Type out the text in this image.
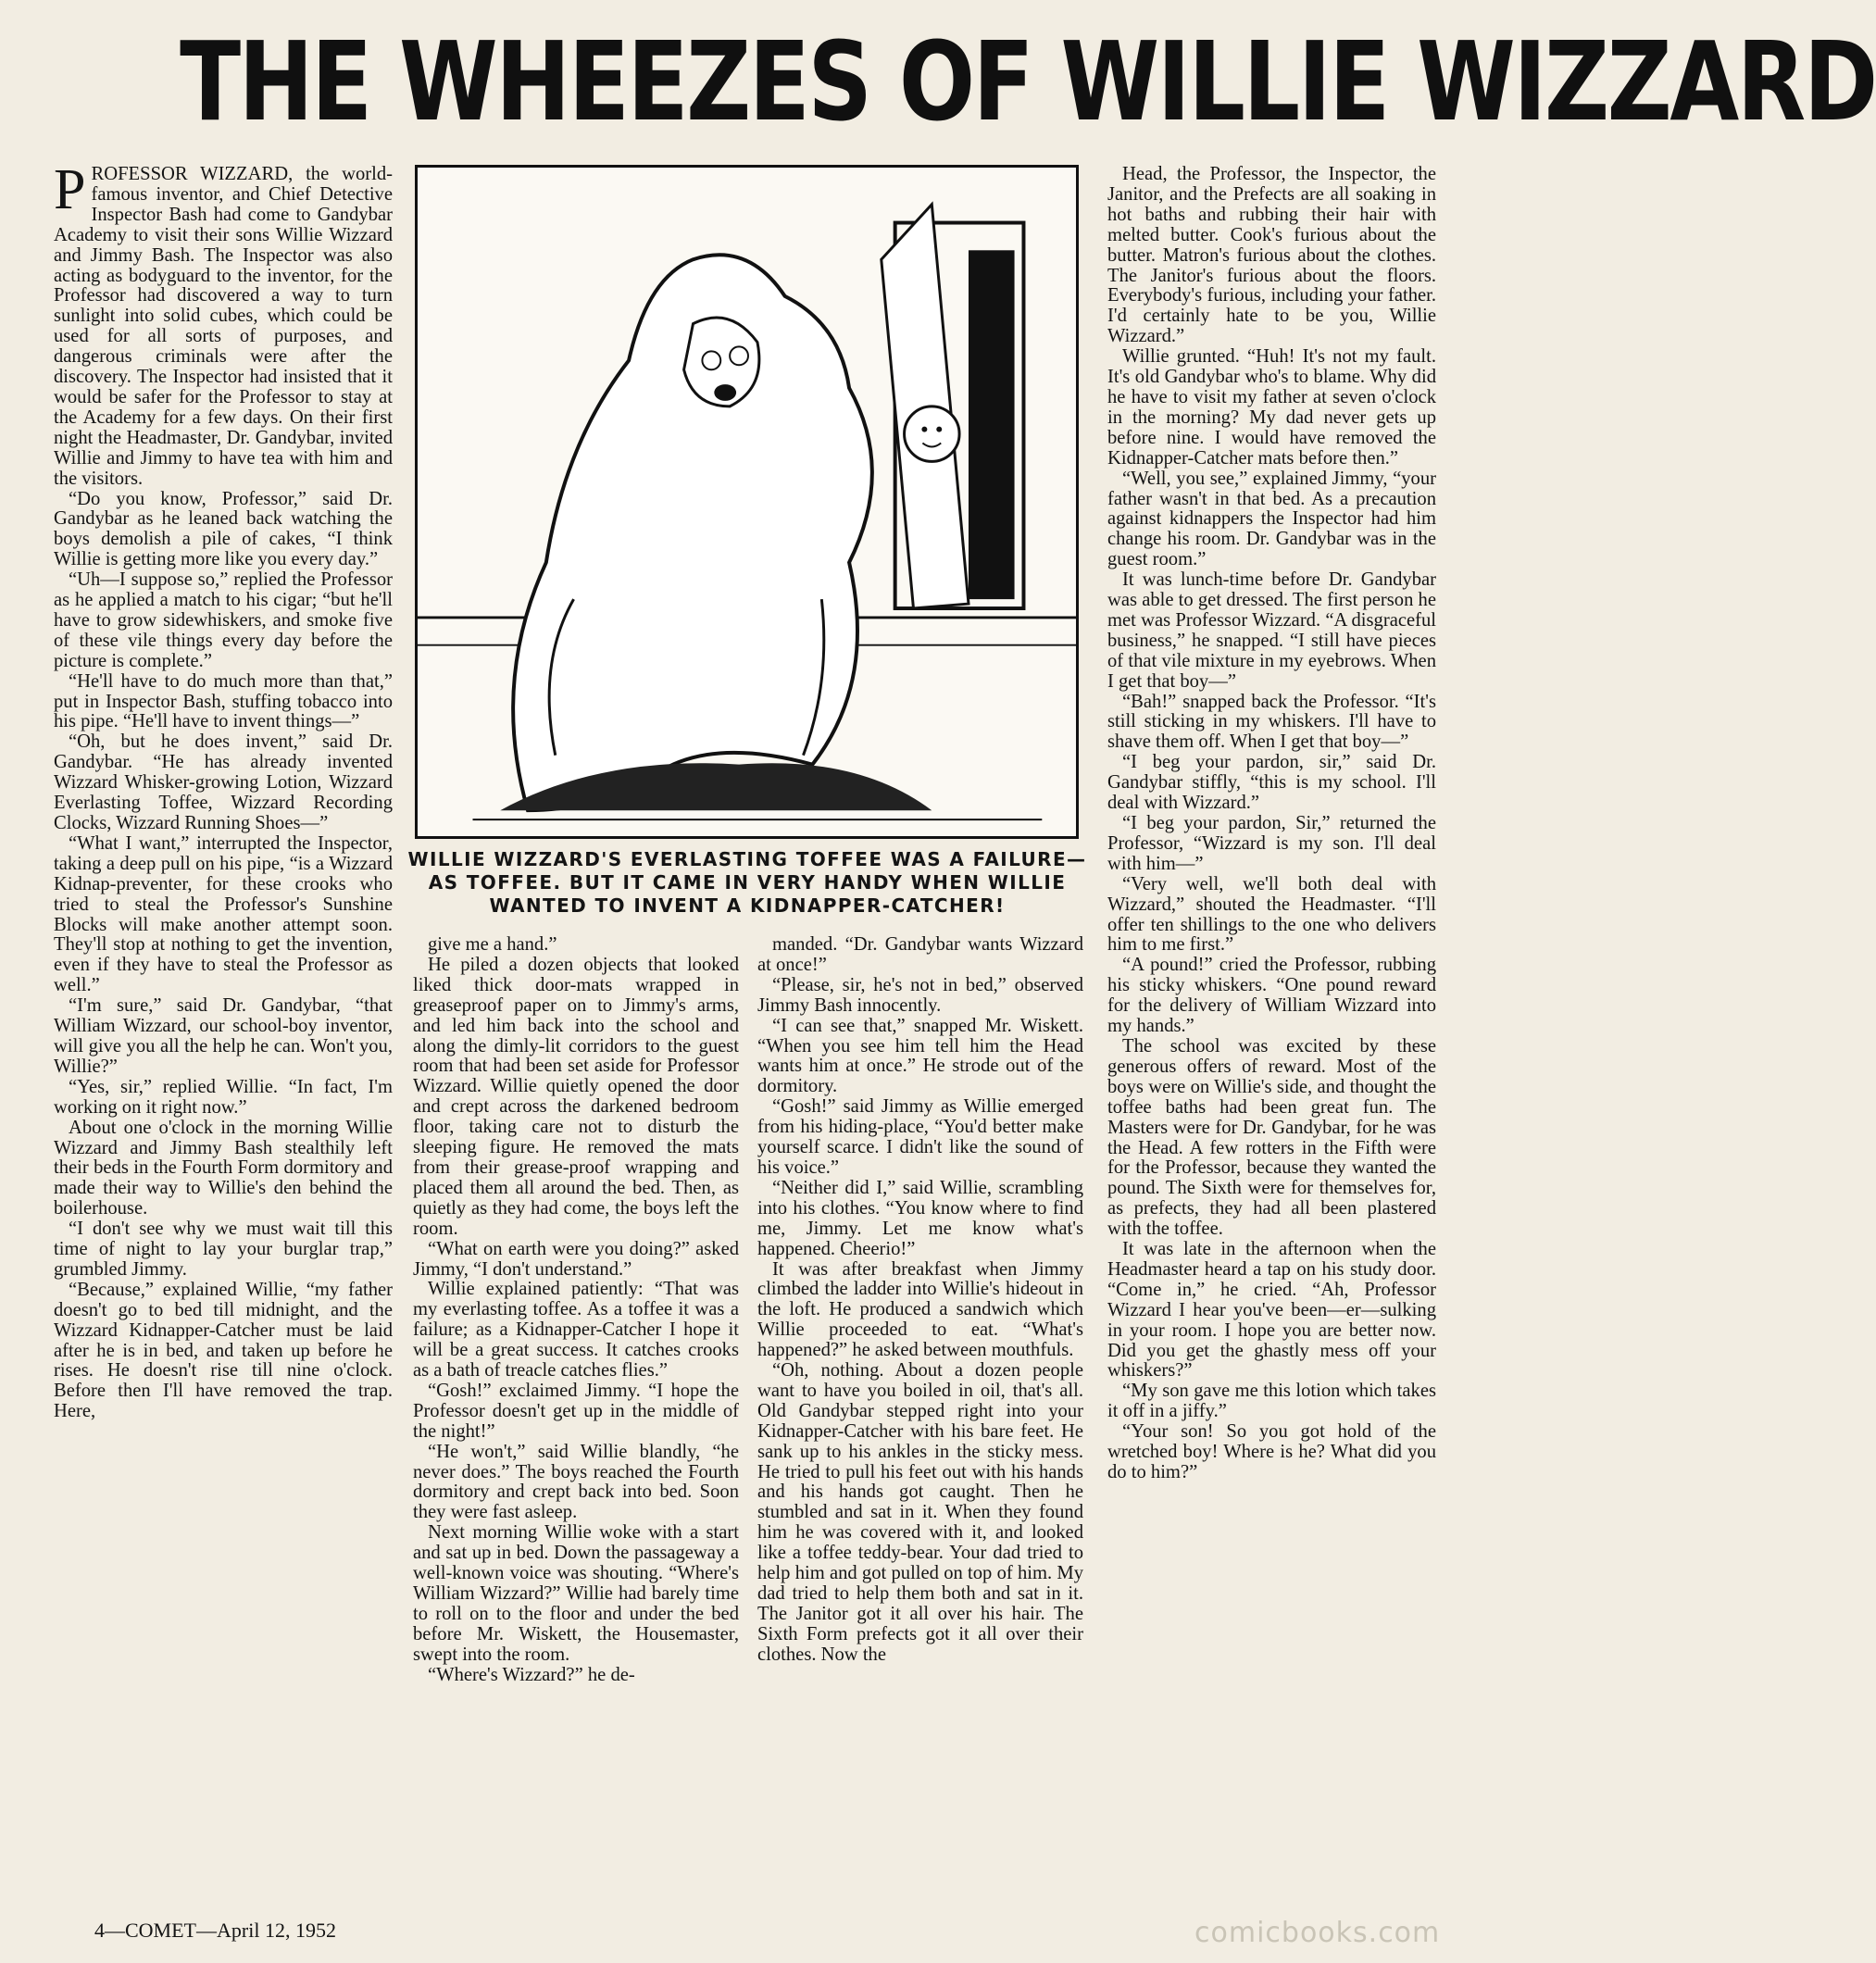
THE WHEEZES OF WILLIE WIZZARD

PROFESSOR WIZZARD, the world-famous inventor, and Chief Detective Inspector Bash had come to Gandybar Academy to visit their sons Willie Wizzard and Jimmy Bash. The Inspector was also acting as bodyguard to the inventor, for the Professor had discovered a way to turn sunlight into solid cubes, which could be used for all sorts of purposes, and dangerous criminals were after the discovery. The Inspector had insisted that it would be safer for the Professor to stay at the Academy for a few days. On their first night the Headmaster, Dr. Gandybar, invited Willie and Jimmy to have tea with him and the visitors.

“Do you know, Professor,” said Dr. Gandybar as he leaned back watching the boys demolish a pile of cakes, “I think Willie is getting more like you every day.”

“Uh—I suppose so,” replied the Professor as he applied a match to his cigar; “but he'll have to grow sidewhiskers, and smoke five of these vile things every day before the picture is complete.”

“He'll have to do much more than that,” put in Inspector Bash, stuffing tobacco into his pipe. “He'll have to invent things—”

“Oh, but he does invent,” said Dr. Gandybar. “He has already invented Wizzard Whisker-growing Lotion, Wizzard Everlasting Toffee, Wizzard Recording Clocks, Wizzard Running Shoes—”

“What I want,” interrupted the Inspector, taking a deep pull on his pipe, “is a Wizzard Kidnap-preventer, for these crooks who tried to steal the Professor's Sunshine Blocks will make another attempt soon. They'll stop at nothing to get the invention, even if they have to steal the Professor as well.”

“I'm sure,” said Dr. Gandybar, “that William Wizzard, our school-boy inventor, will give you all the help he can. Won't you, Willie?”

“Yes, sir,” replied Willie. “In fact, I'm working on it right now.”

About one o'clock in the morning Willie Wizzard and Jimmy Bash stealthily left their beds in the Fourth Form dormitory and made their way to Willie's den behind the boilerhouse.

“I don't see why we must wait till this time of night to lay your burglar trap,” grumbled Jimmy.

“Because,” explained Willie, “my father doesn't go to bed till midnight, and the Wizzard Kidnapper-Catcher must be laid after he is in bed, and taken up before he rises. He doesn't rise till nine o'clock. Before then I'll have removed the trap. Here,

give me a hand.”

He piled a dozen objects that looked liked thick door-mats wrapped in greaseproof paper on to Jimmy's arms, and led him back into the school and along the dimly-lit corridors to the guest room that had been set aside for Professor Wizzard. Willie quietly opened the door and crept across the darkened bedroom floor, taking care not to disturb the sleeping figure. He removed the mats from their grease-proof wrapping and placed them all around the bed. Then, as quietly as they had come, the boys left the room.

“What on earth were you doing?” asked Jimmy, “I don't understand.”

Willie explained patiently: “That was my everlasting toffee. As a toffee it was a failure; as a Kidnapper-Catcher I hope it will be a great success. It catches crooks as a bath of treacle catches flies.”

“Gosh!” exclaimed Jimmy. “I hope the Professor doesn't get up in the middle of the night!”

“He won't,” said Willie blandly, “he never does.” The boys reached the Fourth dormitory and crept back into bed. Soon they were fast asleep.

Next morning Willie woke with a start and sat up in bed. Down the passageway a well-known voice was shouting. “Where's William Wizzard?” Willie had barely time to roll on to the floor and under the bed before Mr. Wiskett, the Housemaster, swept into the room.

“Where's Wizzard?” he de-

manded. “Dr. Gandybar wants Wizzard at once!”

“Please, sir, he's not in bed,” observed Jimmy Bash innocently.

“I can see that,” snapped Mr. Wiskett. “When you see him tell him the Head wants him at once.” He strode out of the dormitory.

“Gosh!” said Jimmy as Willie emerged from his hiding-place, “You'd better make yourself scarce. I didn't like the sound of his voice.”

“Neither did I,” said Willie, scrambling into his clothes. “You know where to find me, Jimmy. Let me know what's happened. Cheerio!”

It was after breakfast when Jimmy climbed the ladder into Willie's hideout in the loft. He produced a sandwich which Willie proceeded to eat. “What's happened?” he asked between mouthfuls.

“Oh, nothing. About a dozen people want to have you boiled in oil, that's all. Old Gandybar stepped right into your Kidnapper-Catcher with his bare feet. He sank up to his ankles in the sticky mess. He tried to pull his feet out with his hands and his hands got caught. Then he stumbled and sat in it. When they found him he was covered with it, and looked like a toffee teddy-bear. Your dad tried to help him and got pulled on top of him. My dad tried to help them both and sat in it. The Janitor got it all over his hair. The Sixth Form prefects got it all over their clothes. Now the

Head, the Professor, the Inspector, the Janitor, and the Prefects are all soaking in hot baths and rubbing their hair with melted butter. Cook's furious about the butter. Matron's furious about the clothes. The Janitor's furious about the floors. Everybody's furious, including your father. I'd certainly hate to be you, Willie Wizzard.”

Willie grunted. “Huh! It's not my fault. It's old Gandybar who's to blame. Why did he have to visit my father at seven o'clock in the morning? My dad never gets up before nine. I would have removed the Kidnapper-Catcher mats before then.”

“Well, you see,” explained Jimmy, “your father wasn't in that bed. As a precaution against kidnappers the Inspector had him change his room. Dr. Gandybar was in the guest room.”

It was lunch-time before Dr. Gandybar was able to get dressed. The first person he met was Professor Wizzard. “A disgraceful business,” he snapped. “I still have pieces of that vile mixture in my eyebrows. When I get that boy—”

“Bah!” snapped back the Professor. “It's still sticking in my whiskers. I'll have to shave them off. When I get that boy—”

“I beg your pardon, sir,” said Dr. Gandybar stiffly, “this is my school. I'll deal with Wizzard.”

“I beg your pardon, Sir,” returned the Professor, “Wizzard is my son. I'll deal with him—”

“Very well, we'll both deal with Wizzard,” shouted the Headmaster. “I'll offer ten shillings to the one who delivers him to me first.”

“A pound!” cried the Professor, rubbing his sticky whiskers. “One pound reward for the delivery of William Wizzard into my hands.”

The school was excited by these generous offers of reward. Most of the boys were on Willie's side, and thought the toffee baths had been great fun. The Masters were for Dr. Gandybar, for he was the Head. A few rotters in the Fifth were for the Professor, because they wanted the pound. The Sixth were for themselves for, as prefects, they had all been plastered with the toffee.

It was late in the afternoon when the Headmaster heard a tap on his study door. “Come in,” he cried. “Ah, Professor Wizzard I hear you've been—er—sulking in your room. I hope you are better now. Did you get the ghastly mess off your whiskers?”

“My son gave me this lotion which takes it off in a jiffy.”

“Your son! So you got hold of the wretched boy! Where is he? What did you do to him?”

WILLIE WIZZARD'S EVERLASTING TOFFEE WAS A FAILURE— AS TOFFEE. BUT IT CAME IN VERY HANDY WHEN WILLIE WANTED TO INVENT A KIDNAPPER-CATCHER!
4—COMET—April 12, 1952	comicbooks.com
